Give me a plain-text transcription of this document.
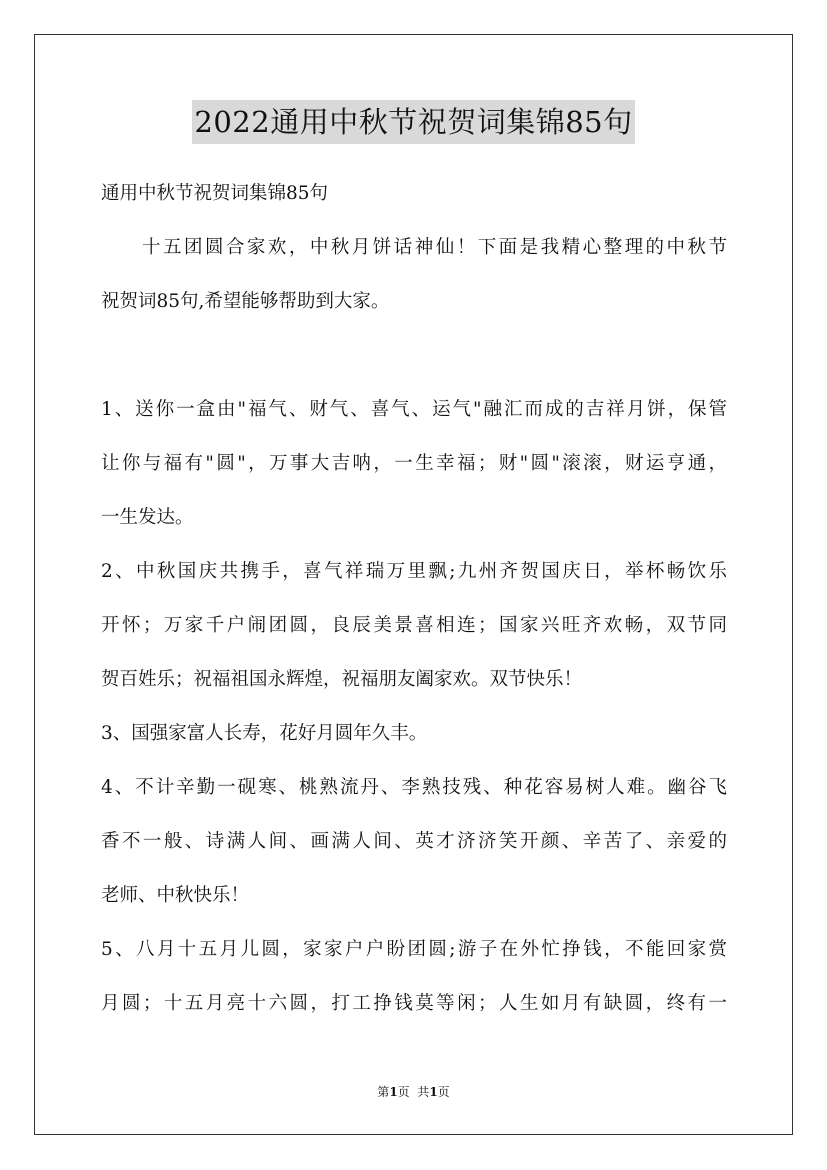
2022通用中秋节祝贺词集锦85句
通用中秋节祝贺词集锦85句
十五团圆合家欢，中秋月饼话神仙！下面是我精心整理的中秋节
祝贺词85句,希望能够帮助到大家。
1、送你一盒由"福气、财气、喜气、运气"融汇而成的吉祥月饼，保管
让你与福有"圆"，万事大吉呐，一生幸福；财"圆"滚滚，财运亨通，
一生发达。
2、中秋国庆共携手，喜气祥瑞万里飘;九州齐贺国庆日，举杯畅饮乐
开怀；万家千户闹团圆，良辰美景喜相连；国家兴旺齐欢畅，双节同
贺百姓乐；祝福祖国永辉煌，祝福朋友阖家欢。双节快乐！
3、国强家富人长寿，花好月圆年久丰。
4、不计辛勤一砚寒、桃熟流丹、李熟技残、种花容易树人难。幽谷飞
香不一般、诗满人间、画满人间、英才济济笑开颜、辛苦了、亲爱的
老师、中秋快乐！
5、八月十五月儿圆，家家户户盼团圆;游子在外忙挣钱，不能回家赏
月圆；十五月亮十六圆，打工挣钱莫等闲；人生如月有缺圆，终有一
第1页  共1页
